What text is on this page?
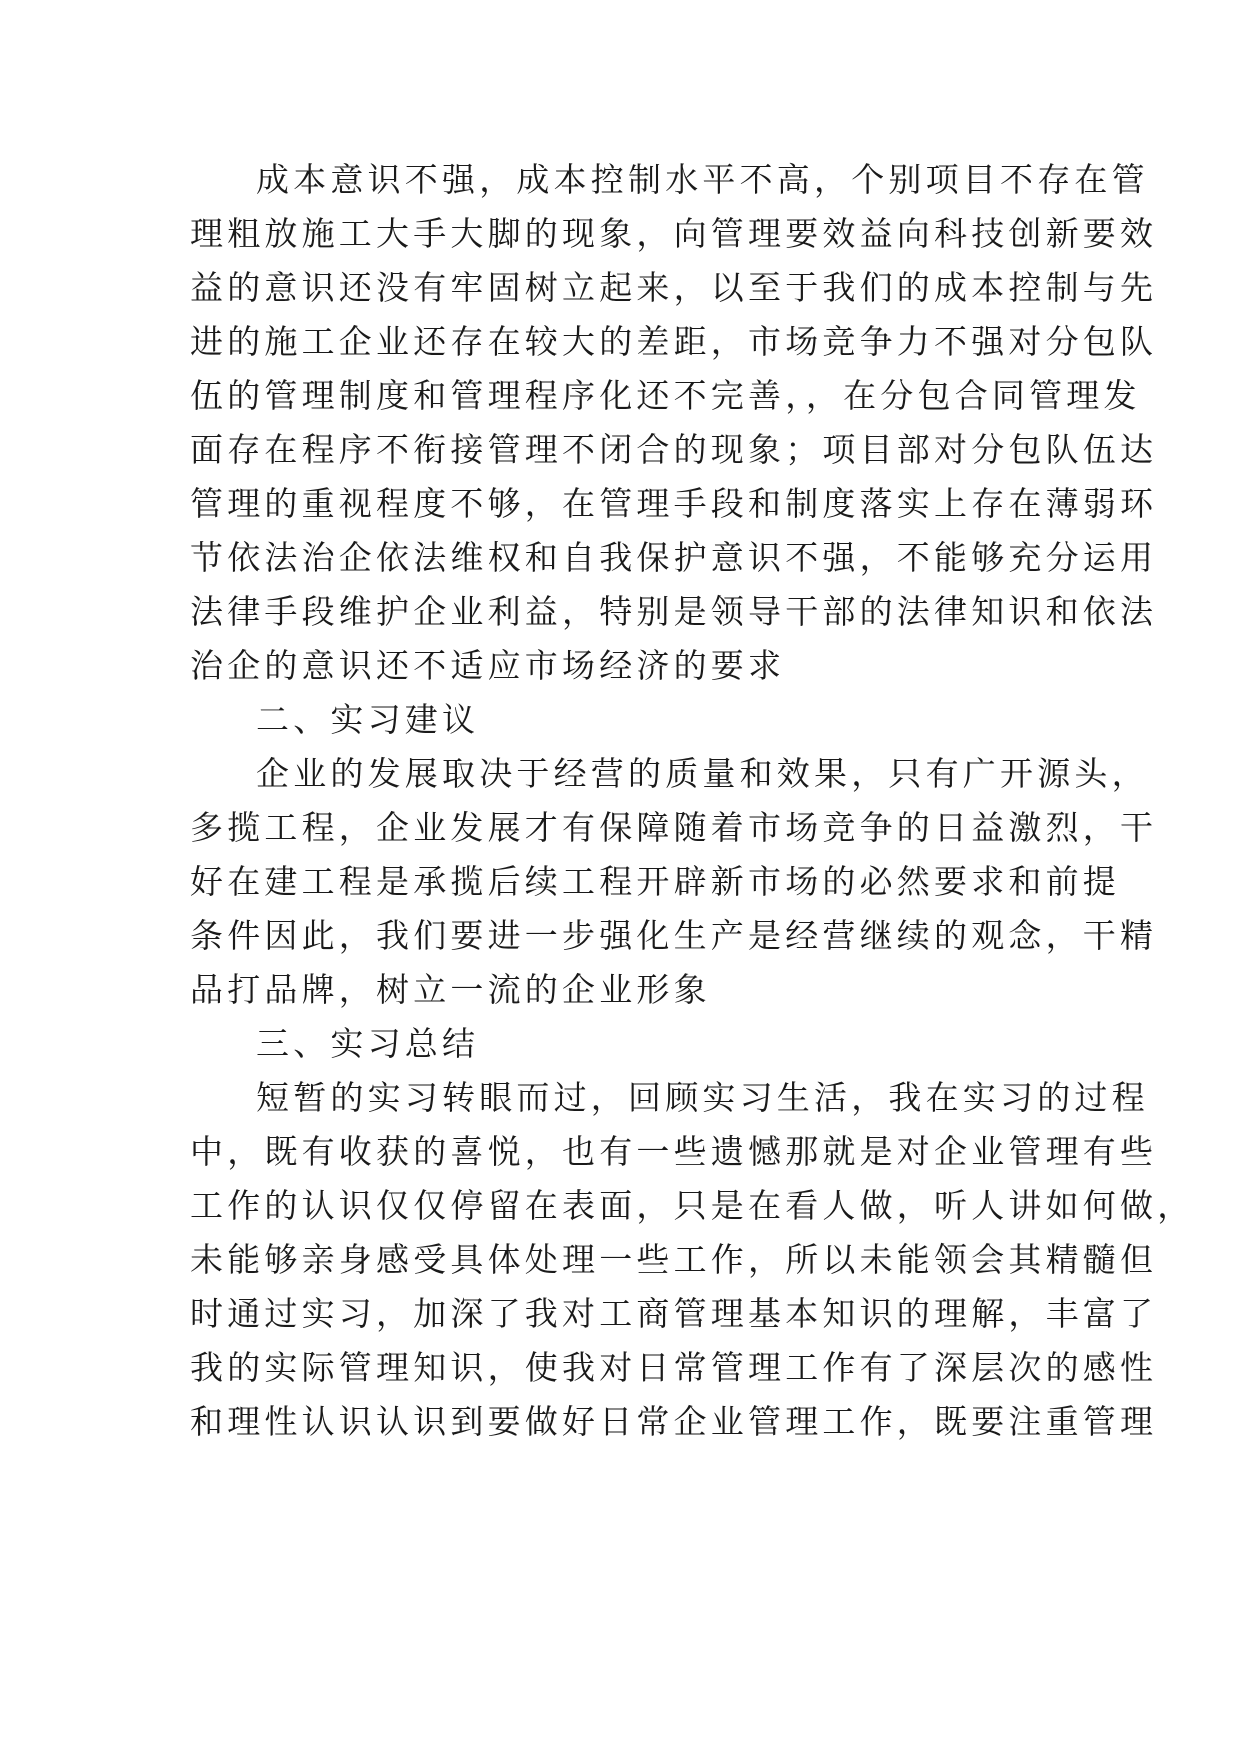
成本意识不强，成本控制水平不高，个别项目不存在管
理粗放施工大手大脚的现象，向管理要效益向科技创新要效
益的意识还没有牢固树立起来，以至于我们的成本控制与先
进的施工企业还存在较大的差距，市场竞争力不强对分包队
伍的管理制度和管理程序化还不完善，，在分包合同管理发
面存在程序不衔接管理不闭合的现象；项目部对分包队伍达
管理的重视程度不够，在管理手段和制度落实上存在薄弱环
节依法治企依法维权和自我保护意识不强，不能够充分运用
法律手段维护企业利益，特别是领导干部的法律知识和依法
治企的意识还不适应市场经济的要求
二、实习建议
企业的发展取决于经营的质量和效果，只有广开源头，
多揽工程，企业发展才有保障随着市场竞争的日益激烈，干
好在建工程是承揽后续工程开辟新市场的必然要求和前提
条件因此，我们要进一步强化生产是经营继续的观念，干精
品打品牌，树立一流的企业形象
三、实习总结
短暂的实习转眼而过，回顾实习生活，我在实习的过程
中，既有收获的喜悦，也有一些遗憾那就是对企业管理有些
工作的认识仅仅停留在表面，只是在看人做，听人讲如何做，
未能够亲身感受具体处理一些工作，所以未能领会其精髓但
时通过实习，加深了我对工商管理基本知识的理解，丰富了
我的实际管理知识，使我对日常管理工作有了深层次的感性
和理性认识认识到要做好日常企业管理工作，既要注重管理
